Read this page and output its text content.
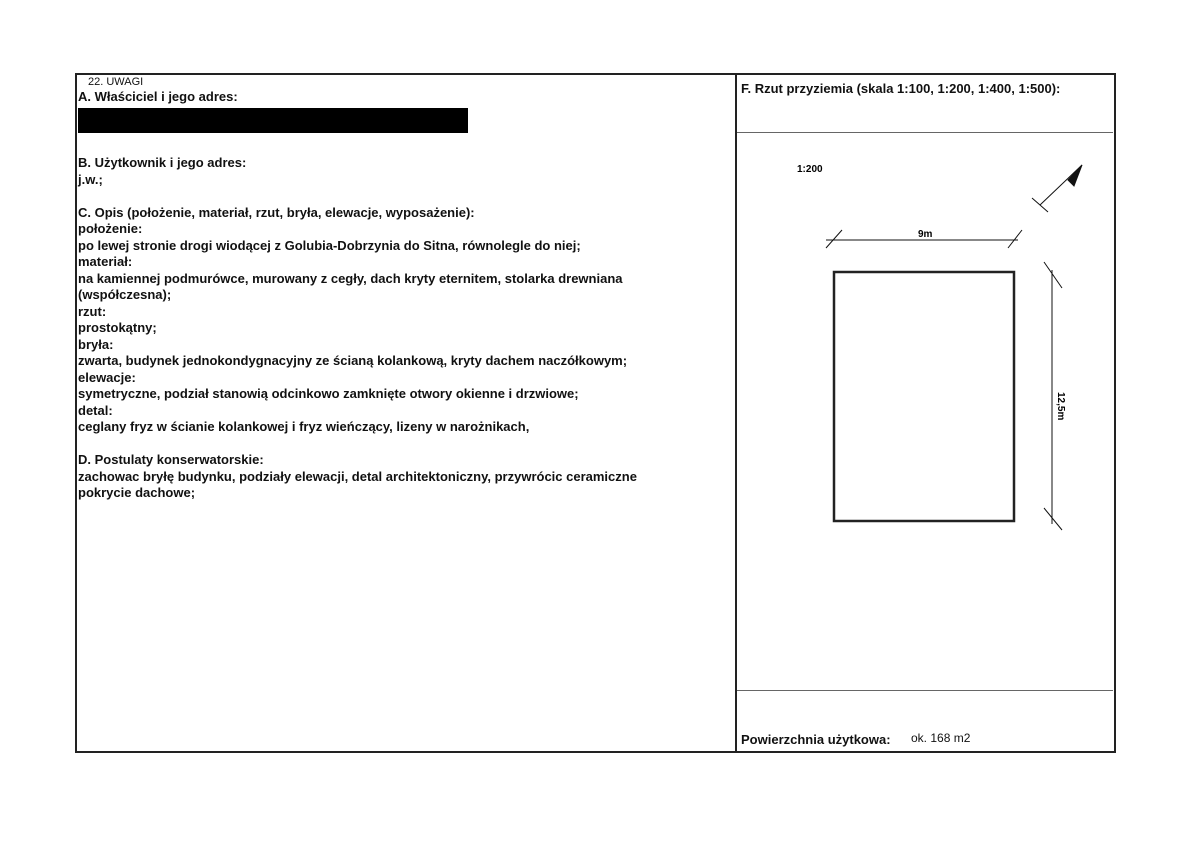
22. UWAGI
A. Właściciel i jego adres:

B. Użytkownik i jego adres:
j.w.;

C. Opis (położenie, materiał, rzut, bryła, elewacje, wyposażenie):
położenie:
po lewej stronie drogi wiodącej z Golubia-Dobrzynia do Sitna, równolegle do niej;
materiał:
na kamiennej podmurówce, murowany z cegły, dach kryty eternitem, stolarka drewniana
(współczesna);
rzut:
prostokątny;
bryła:
zwarta, budynek jednokondygnacyjny ze ścianą kolankową, kryty dachem naczółkowym;
elewacje:
symetryczne, podział stanowią odcinkowo zamknięte otwory okienne i drzwiowe;
detal:
ceglany fryz w ścianie kolankowej i fryz wieńczący, lizeny w narożnikach,

D. Postulaty konserwatorskie:
zachowac bryłę budynku, podziały elewacji, detal architektoniczny, przywrócic ceramiczne
pokrycie dachowe;
F. Rzut przyziemia (skala 1:100, 1:200, 1:400, 1:500):
1:200
9m
12,5m
Powierzchnia użytkowa: ok. 168 m2
